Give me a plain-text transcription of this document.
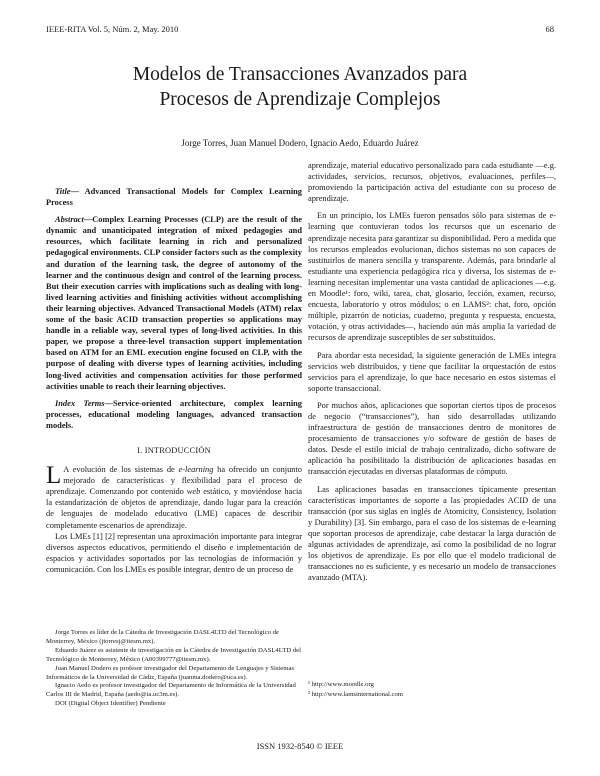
IEEE-RITA Vol. 5, Núm. 2, May. 2010	68
Modelos de Transacciones Avanzados para
Procesos de Aprendizaje Complejos
Jorge Torres, Juan Manuel Dodero, Ignacio Aedo, Eduardo Juárez

Title— Advanced Transactional Models for Complex Learning Process

Abstract—Complex Learning Processes (CLP) are the result of the dynamic and unanticipated integration of mixed pedagogies and resources, which facilitate learning in rich and personalized pedagogical environments. CLP consider factors such as the complexity and duration of the learning task, the degree of autonomy of the learner and the continuous design and control of the learning process. But their execution carries with implications such as dealing with long-lived learning activities and finishing activities without accomplishing their learning objectives. Advanced Transactional Models (ATM) relax some of the basic ACID transaction properties so applications may handle in a reliable way, several types of long-lived activities. In this paper, we propose a three-level transaction support implementation based on ATM for an EML execution engine focused on CLP, with the purpose of dealing with diverse types of learning activities, including long-lived activities and compensation activities for those performed activities unable to reach their learning objectives.

Index Terms—Service-oriented architecture, complex learning processes, educational modeling languages, advanced transaction models.

I. INTRODUCCIÓN

L A evolución de los sistemas de e-learning ha ofrecido un conjunto mejorado de características y flexibilidad para el proceso de aprendizaje. Comenzando por contenido web estático, y moviéndose hacia la estandarización de objetos de aprendizaje, dando lugar para la creación de lenguajes de modelado educativo (LME) capaces de describir completamente escenarios de aprendizaje.

Los LMEs [1] [2] representan una aproximación importante para integrar diversos aspectos educativos, permitiendo el diseño e implementación de espacios y actividades soportados por las tecnologías de información y comunicación. Con los LMEs es posible integrar, dentro de un proceso de

Jorge Torres es líder de la Cátedra de Investigación DASL4LTD del Tecnológico de Monterrey, México (jtorresj@itesm.mx).

Eduardo Juárez es asistente de investigación en la Cátedra de Investigación DASL4LTD del Tecnológico de Monterrey, México (A00399777@itesm.mx).

Juan Manuel Dodero es profesor investigador del Departamento de Lenguajes y Sistemas Informáticos de la Universidad de Cádiz, España (juanma.dodero@uca.es).

Ignacio Aedo es profesor investigador del Departamento de Informática de la Universidad Carlos III de Madrid, España (aedo@ia.uc3m.es).

DOI (Digital Object Identifier) Pendiente

aprendizaje, material educativo personalizado para cada estudiante —e.g. actividades, servicios, recursos, objetivos, evaluaciones, perfiles—, promoviendo la participación activa del estudiante con su proceso de aprendizaje.

En un principio, los LMEs fueron pensados sólo para sistemas de e-learning que contuvieran todos los recursos que un escenario de aprendizaje necesita para garantizar su disponibilidad. Pero a medida que los recursos empleados evolucionan, dichos sistemas no son capaces de sustituirlos de manera sencilla y transparente. Además, para brindarle al estudiante una experiencia pedagógica rica y diversa, los sistemas de e-learning necesitan implementar una vasta cantidad de aplicaciones —e.g. en Moodle¹: foro, wiki, tarea, chat, glosario, lección, examen, recurso, encuesta, laboratorio y otros módulos; o en LAMS²: chat, foro, opción múltiple, pizarrón de noticias, cuaderno, pregunta y respuesta, encuesta, votación, y otras actividades—, haciendo aún más amplia la variedad de recursos de aprendizaje susceptibles de ser substituidos.

Para abordar esta necesidad, la siguiente generación de LMEs integra servicios web distribuidos, y tiene que facilitar la orquestación de estos servicios para el aprendizaje, lo que hace necesario en estos sistemas el soporte transaccional.

Por muchos años, aplicaciones que soportan ciertos tipos de procesos de negocio (“transacciones”), han sido desarrolladas utilizando infraestructura de gestión de transacciones dentro de monitores de procesamiento de transacciones y/o software de gestión de bases de datos. Desde el estilo inicial de trabajo centralizado, dicho software de aplicación ha posibilitado la distribución de aplicaciones basadas en transacción ejecutadas en diversas plataformas de cómputo.

Las aplicaciones basadas en transacciones típicamente presentan características importantes de soporte a las propiedades ACID de una transacción (por sus siglas en inglés de Atomicity, Consistency, Isolation y Durability) [3]. Sin embargo, para el caso de los sistemas de e-learning que soportan procesos de aprendizaje, cabe destacar la larga duración de algunas actividades de aprendizaje, así como la posibilidad de no lograr los objetivos de aprendizaje. Es por ello que el modelo tradicional de transacciones no es suficiente, y es necesario un modelo de transacciones avanzado (MTA).

¹ http://www.moodle.org
² http://www.lamsinternational.com
ISSN 1932-8540 © IEEE
